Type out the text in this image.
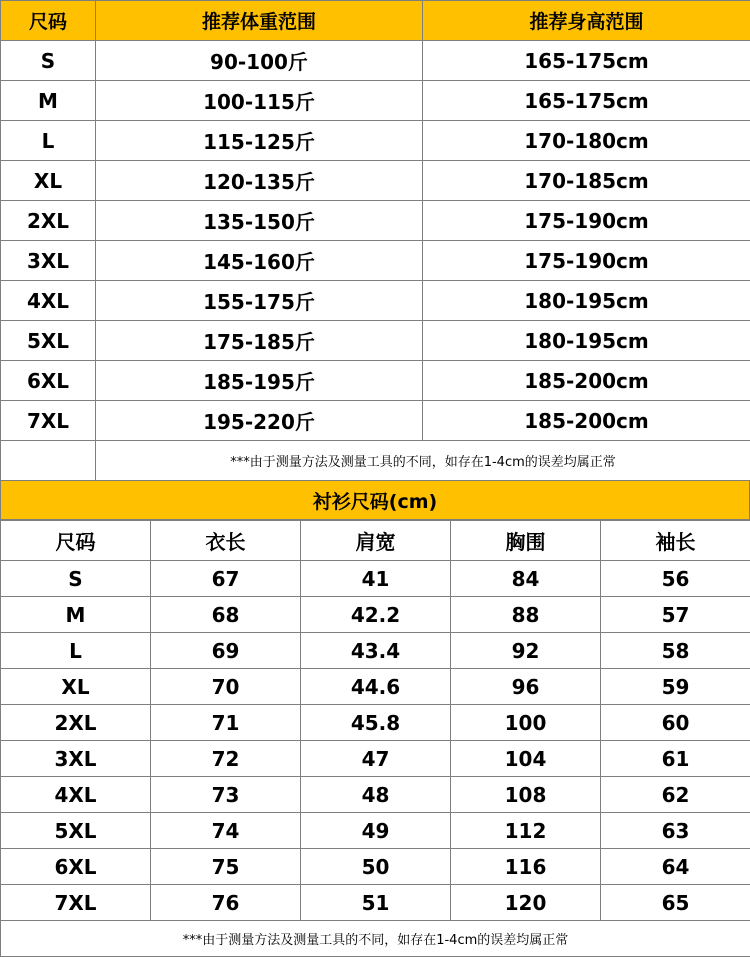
尺码	推荐体重范围	推荐身高范围
S	90-100斤	165-175cm
M	100-115斤	165-175cm
L	115-125斤	170-180cm
XL	120-135斤	170-185cm
2XL	135-150斤	175-190cm
3XL	145-160斤	175-190cm
4XL	155-175斤	180-195cm
5XL	175-185斤	180-195cm
6XL	185-195斤	185-200cm
7XL	195-220斤	185-200cm
	***由于测量方法及测量工具的不同，如存在1-4cm的误差均属正常	
衬衫尺码(cm)
尺码	衣长	肩宽	胸围	袖长
S	67	41	84	56
M	68	42.2	88	57
L	69	43.4	92	58
XL	70	44.6	96	59
2XL	71	45.8	100	60
3XL	72	47	104	61
4XL	73	48	108	62
5XL	74	49	112	63
6XL	75	50	116	64
7XL	76	51	120	65
***由于测量方法及测量工具的不同，如存在1-4cm的误差均属正常				
